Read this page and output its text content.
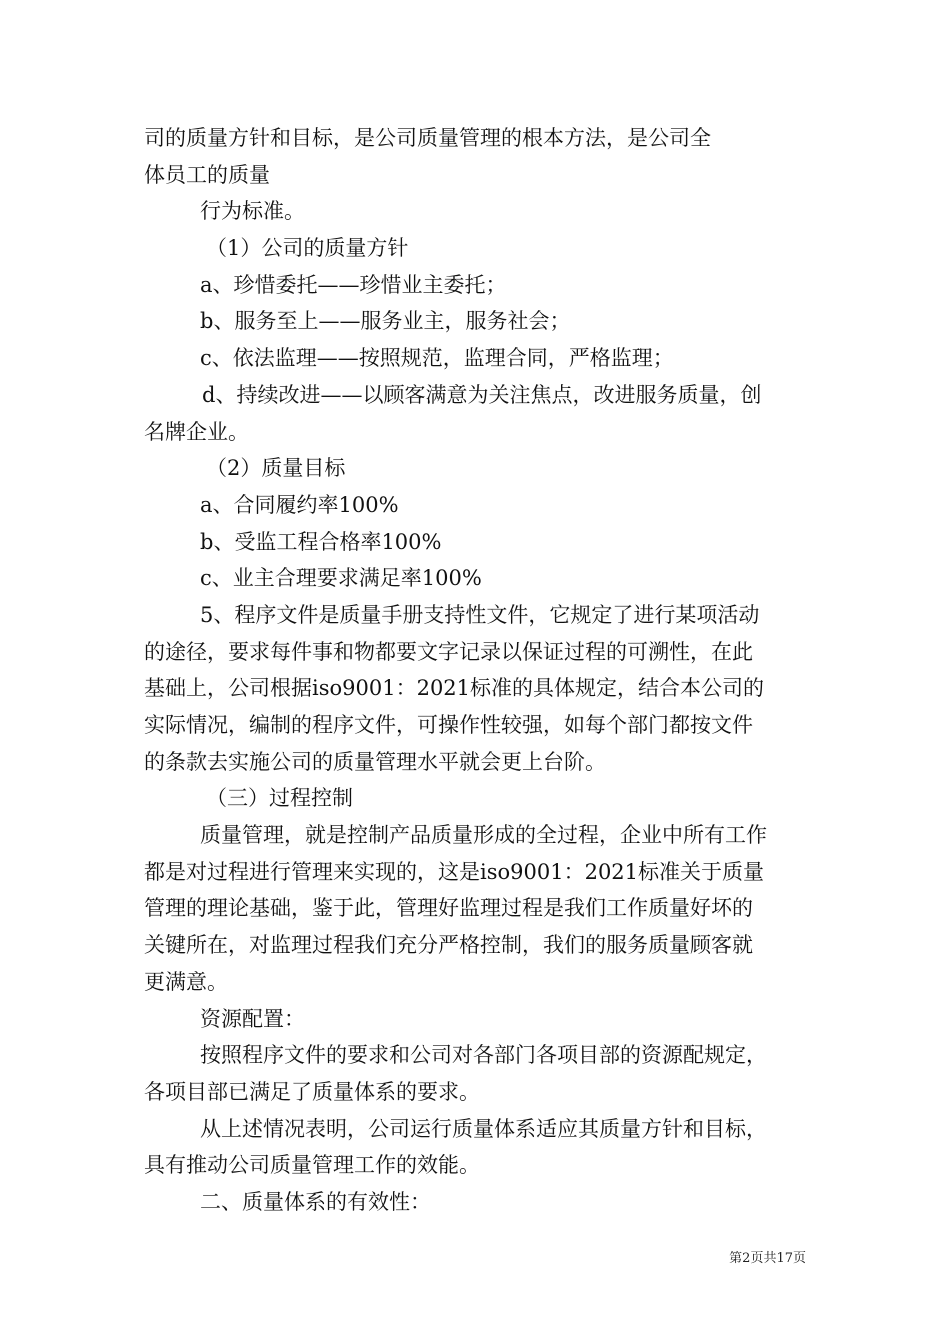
司的质量方针和目标，是公司质量管理的根本方法，是公司全
体员工的质量
行为标准。
（1）公司的质量方针
a、珍惜委托——珍惜业主委托；
b、服务至上——服务业主，服务社会；
c、依法监理——按照规范，监理合同，严格监理；
d、持续改进——以顾客满意为关注焦点，改进服务质量，创
名牌企业。
（2）质量目标
a、合同履约率100%
b、受监工程合格率100%
c、业主合理要求满足率100%
5、程序文件是质量手册支持性文件，它规定了进行某项活动
的途径，要求每件事和物都要文字记录以保证过程的可溯性，在此
基础上，公司根据iso9001：2021标准的具体规定，结合本公司的
实际情况，编制的程序文件，可操作性较强，如每个部门都按文件
的条款去实施公司的质量管理水平就会更上台阶。
（三）过程控制
质量管理，就是控制产品质量形成的全过程，企业中所有工作
都是对过程进行管理来实现的，这是iso9001：2021标准关于质量
管理的理论基础，鉴于此，管理好监理过程是我们工作质量好坏的
关键所在，对监理过程我们充分严格控制，我们的服务质量顾客就
更满意。
资源配置：
按照程序文件的要求和公司对各部门各项目部的资源配规定，
各项目部已满足了质量体系的要求。
从上述情况表明，公司运行质量体系适应其质量方针和目标，
具有推动公司质量管理工作的效能。
二、质量体系的有效性：
第2页共17页
